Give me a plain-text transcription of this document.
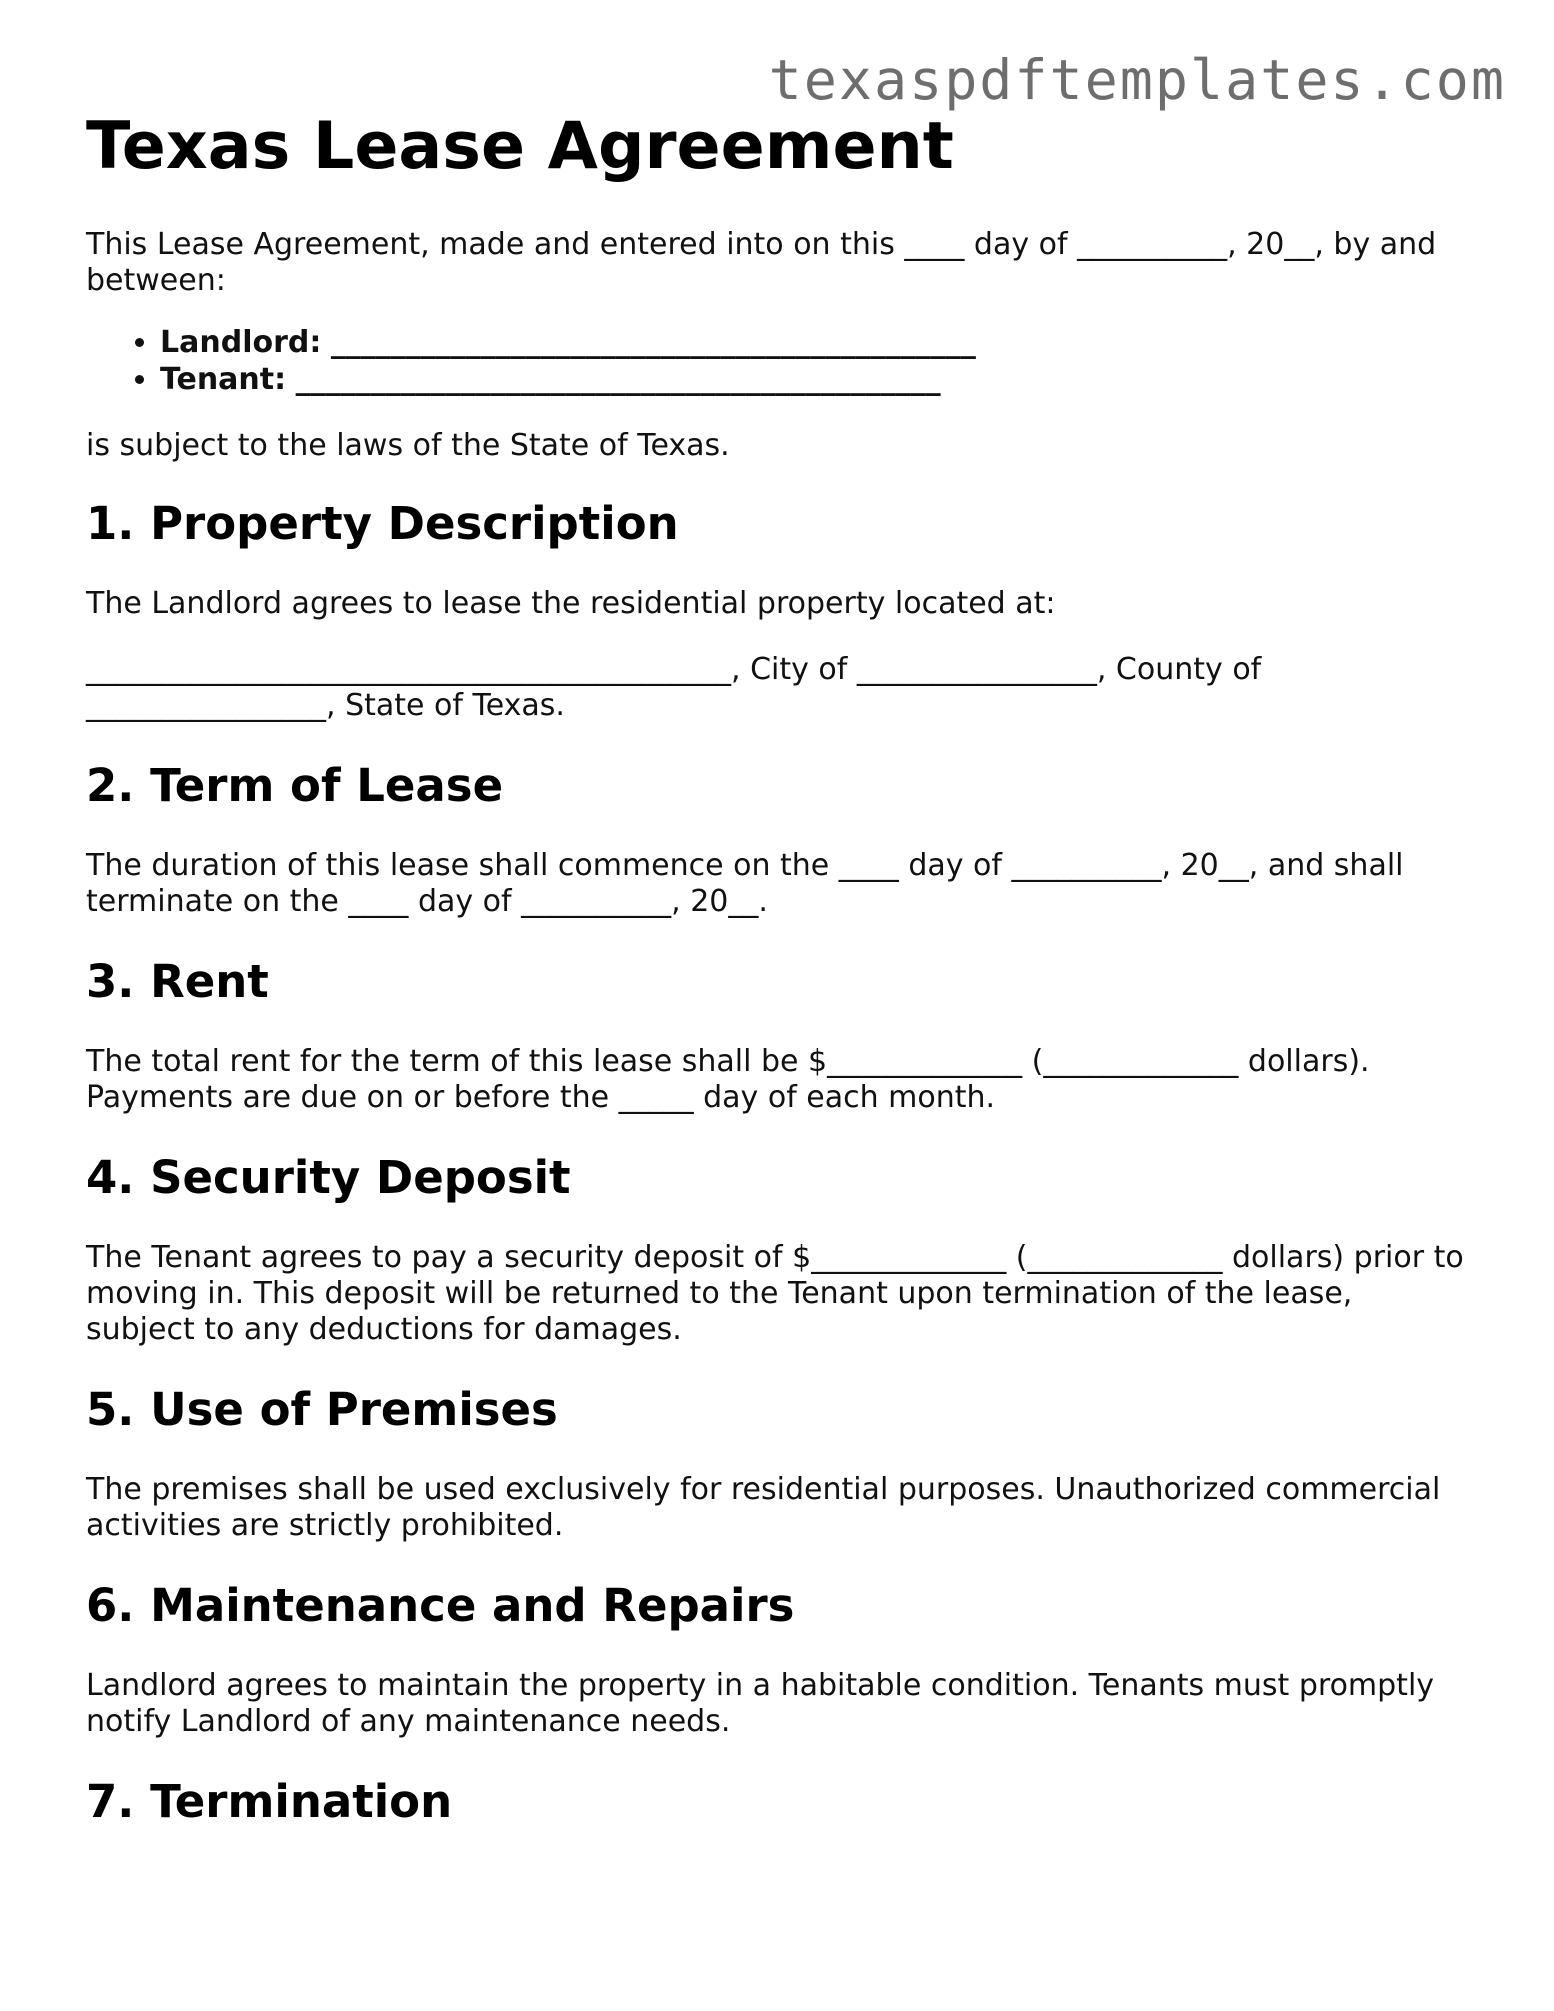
texaspdftemplates.com
Texas Lease Agreement

This Lease Agreement, made and entered into on this ____ day of __________, 20__, by and between:

• Landlord: ___________________________________________
• Tenant: ___________________________________________

is subject to the laws of the State of Texas.

1. Property Description

The Landlord agrees to lease the residential property located at:

___________________________________________, City of ________________, County of ________________, State of Texas.

2. Term of Lease

The duration of this lease shall commence on the ____ day of __________, 20__, and shall terminate on the ____ day of __________, 20__.

3. Rent

The total rent for the term of this lease shall be $_____________ (_____________ dollars). Payments are due on or before the _____ day of each month.

4. Security Deposit

The Tenant agrees to pay a security deposit of $_____________ (_____________ dollars) prior to moving in. This deposit will be returned to the Tenant upon termination of the lease, subject to any deductions for damages.

5. Use of Premises

The premises shall be used exclusively for residential purposes. Unauthorized commercial activities are strictly prohibited.

6. Maintenance and Repairs

Landlord agrees to maintain the property in a habitable condition. Tenants must promptly notify Landlord of any maintenance needs.

7. Termination
